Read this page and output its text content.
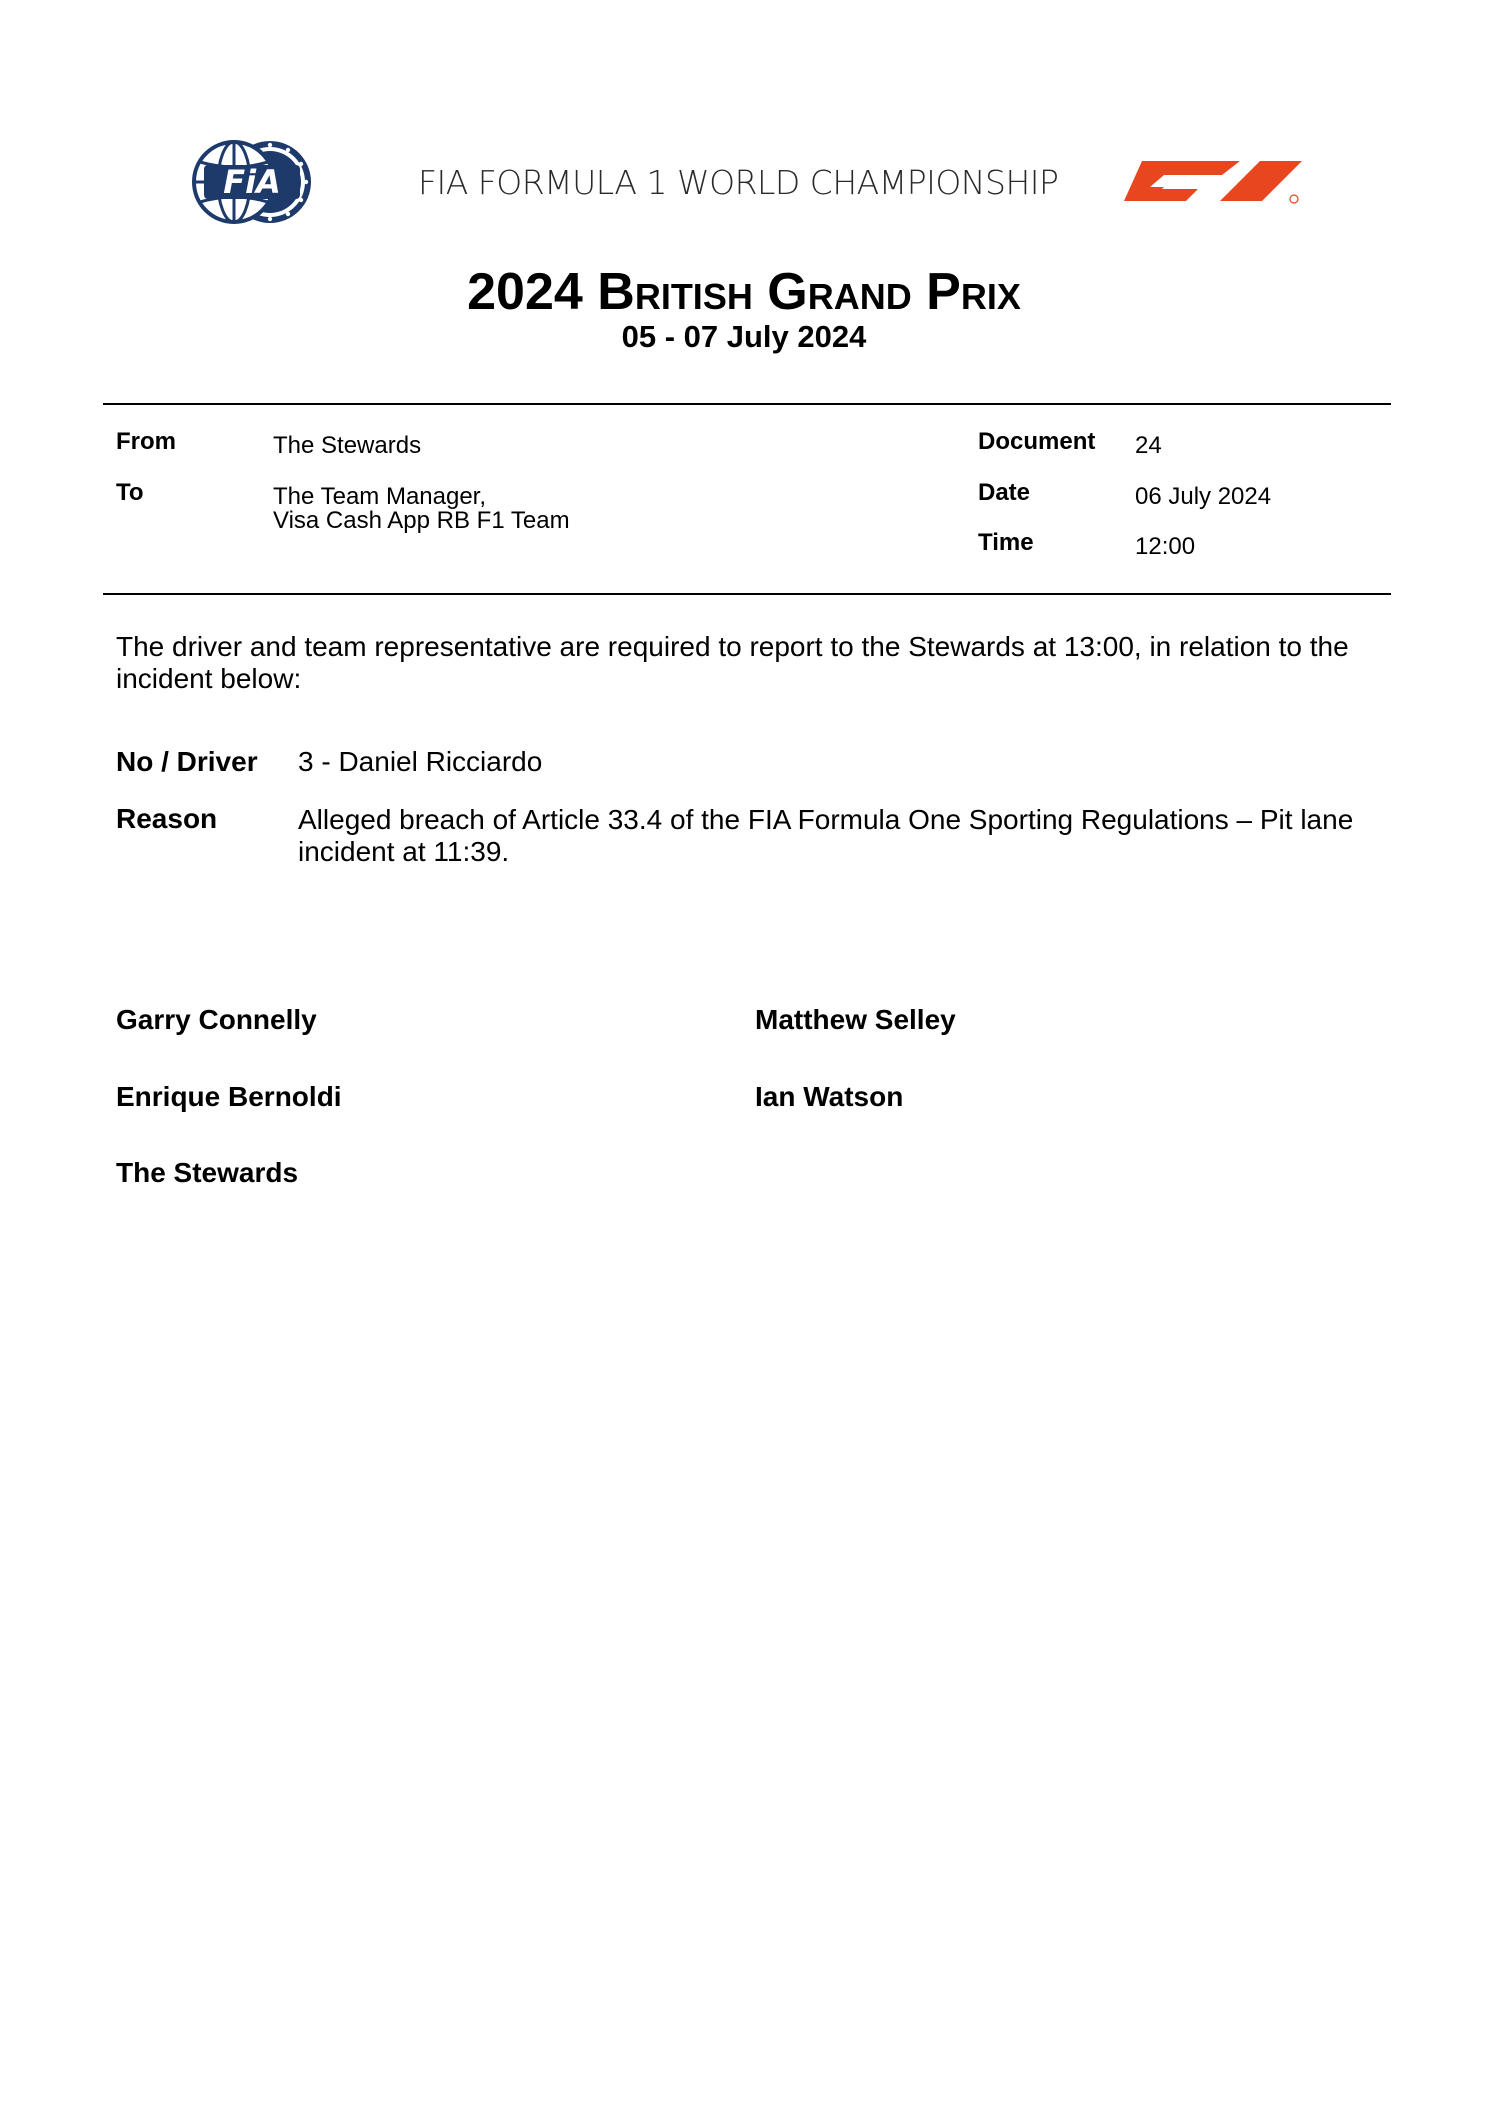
FiA	FIA FORMULA 1 WORLD CHAMPIONSHIP
2024 British Grand Prix
05 - 07 July 2024
From	The Stewards
To	The Team Manager,
Visa Cash App RB F1 Team
Document 24
Date	06 July 2024
Time	12:00
The driver and team representative are required to report to the Stewards at 13:00, in relation to the incident below:
No / Driver 3 - Daniel Ricciardo
Reason	Alleged breach of Article 33.4 of the FIA Formula One Sporting Regulations – Pit lane incident at 11:39.
Garry Connelly	Matthew Selley
Enrique Bernoldi	Ian Watson
The Stewards
